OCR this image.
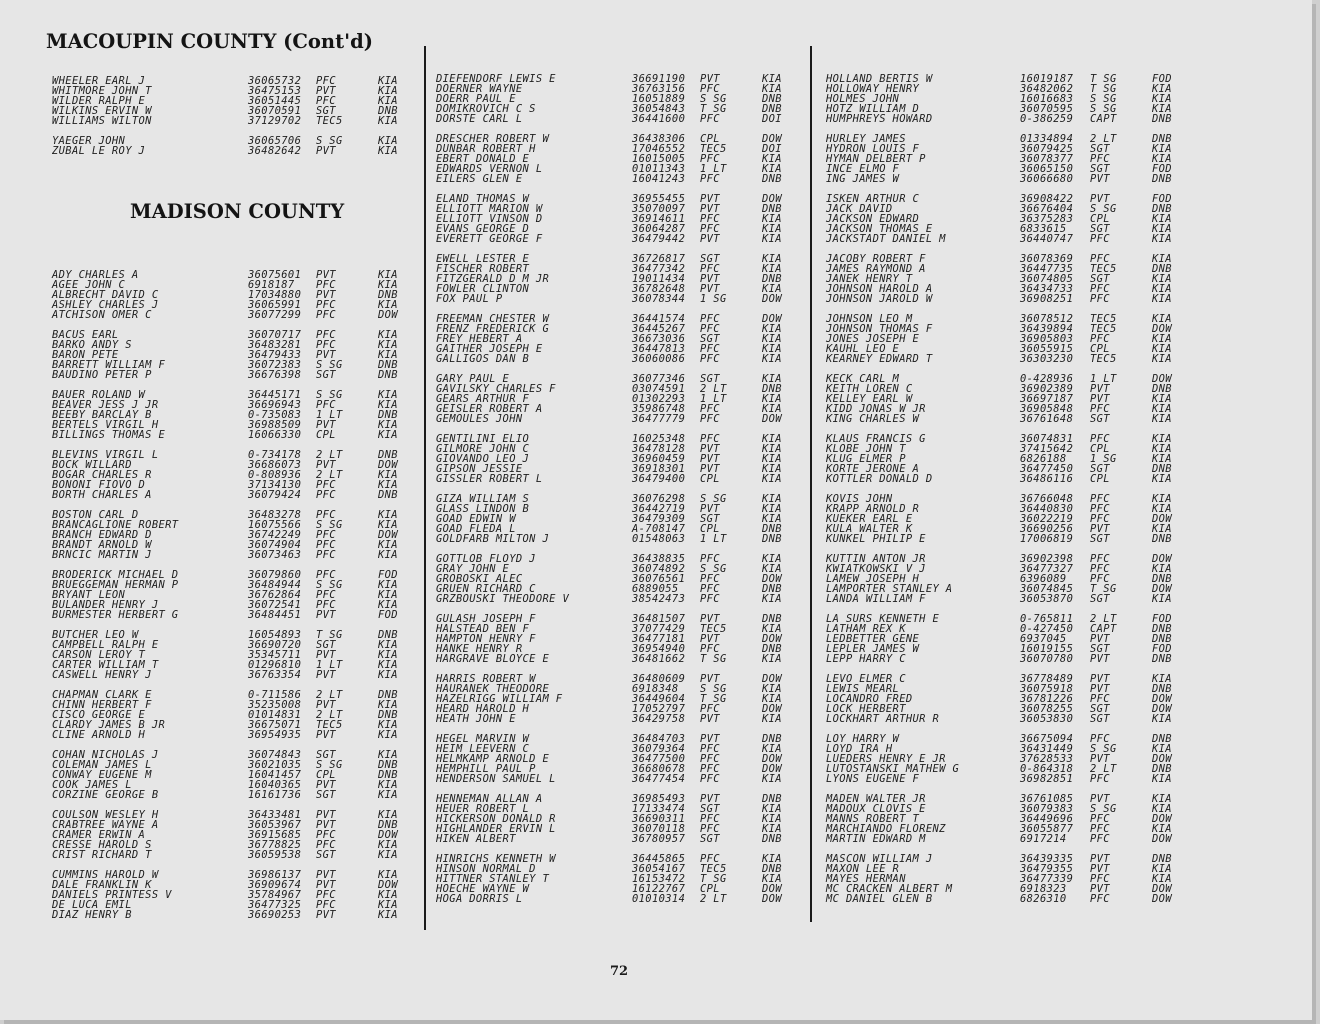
MACOUPIN COUNTY (Cont'd)
MADISON COUNTY
WHEELER EARL J	36065732 PFC	KIA
WHITMORE JOHN T	36475153 PVT	KIA
WILDER RALPH E	36051445 PFC	KIA
WILKINS ERVIN W	36070591 SGT	DNB
WILLIAMS WILTON	37129702 TEC5	KIA
YAEGER JOHN	36065706 S SG	KIA
ZUBAL LE ROY J	36482642 PVT	KIA
ADY CHARLES A	36075601 PVT	KIA
AGEE JOHN C	6918187 PFC	KIA
ALBRECHT DAVID C	17034880 PVT	DNB
ASHLEY CHARLES J	36065991 PFC	KIA
ATCHISON OMER C	36077299 PFC	DOW
BACUS EARL	36070717 PFC	KIA
BARKO ANDY S	36483281 PFC	KIA
BARON PETE	36479433 PVT	KIA
BARRETT WILLIAM F	36072383 S SG	DNB
BAUDINO PETER P	36676398 SGT	DNB
BAUER ROLAND W	36445171 S SG	KIA
BEAVER JESS J JR	36696943 PFC	KIA
BEEBY BARCLAY B	0-735083 1 LT	DNB
BERTELS VIRGIL H	36988509 PVT	KIA
BILLINGS THOMAS E	16066330 CPL	KIA
BLEVINS VIRGIL L	0-734178 2 LT	DNB
BOCK WILLARD	36686073 PVT	DOW
BOGAR CHARLES R	0-808936 2 LT	KIA
BONONI FIOVO D	37134130 PFC	KIA
BORTH CHARLES A	36079424 PFC	DNB
BOSTON CARL D	36483278 PFC	KIA
BRANCAGLIONE ROBERT	16075566 S SG	KIA
BRANCH EDWARD D	36742249 PFC	DOW
BRANDT ARNOLD W	36074904 PFC	KIA
BRNCIC MARTIN J	36073463 PFC	KIA
BRODERICK MICHAEL D	36079860 PFC	FOD
BRUEGGEMAN HERMAN P	36484944 S SG	KIA
BRYANT LEON	36762864 PFC	KIA
BULANDER HENRY J	36072541 PFC	KIA
BURMESTER HERBERT G	36484451 PVT	FOD
BUTCHER LEO W	16054893 T SG	DNB
CAMPBELL RALPH E	36690720 SGT	KIA
CARSON LEROY T	35345711 PVT	KIA
CARTER WILLIAM T	01296810 1 LT	KIA
CASWELL HENRY J	36763354 PVT	KIA
CHAPMAN CLARK E	0-711586 2 LT	DNB
CHINN HERBERT F	35235008 PVT	KIA
CISCO GEORGE E	01014831 2 LT	DNB
CLARDY JAMES B JR	36675071 TEC5	KIA
CLINE ARNOLD H	36954935 PVT	KIA
COHAN NICHOLAS J	36074843 SGT	KIA
COLEMAN JAMES L	36021035 S SG	DNB
CONWAY EUGENE M	16041457 CPL	DNB
COOK JAMES L	16040365 PVT	KIA
CORZINE GEORGE B	16161736 SGT	KIA
COULSON WESLEY H	36433481 PVT	KIA
CRABTREE WAYNE A	36053967 PVT	DNB
CRAMER ERWIN A	36915685 PFC	DOW
CRESSE HAROLD S	36778825 PFC	KIA
CRIST RICHARD T	36059538 SGT	KIA
CUMMINS HAROLD W	36986137 PVT	KIA
DALE FRANKLIN K	36909674 PVT	DOW
DANIELS PRINTESS V	35784967 PFC	KIA
DE LUCA EMIL	36477325 PFC	KIA
DIAZ HENRY B	36690253 PVT	KIA
DIEFENDORF LEWIS E	36691190 PVT	KIA
DOERNER WAYNE	36763156 PFC	KIA
DOERR PAUL E	16051889 S SG	DNB
DOMIKROVICH C S	36054843 T SG	DNB
DORSTE CARL L	36441600 PFC	DOI
DRESCHER ROBERT W	36438306 CPL	DOW
DUNBAR ROBERT H	17046552 TEC5	DOI
EBERT DONALD E	16015005 PFC	KIA
EDWARDS VERNON L	01011343 1 LT	KIA
EILERS GLEN E	16041243 PFC	DNB
ELAND THOMAS W	36955455 PVT	DOW
ELLIOTT MARION W	35070097 PVT	DNB
ELLIOTT VINSON D	36914611 PFC	KIA
EVANS GEORGE D	36064287 PFC	KIA
EVERETT GEORGE F	36479442 PVT	KIA
EWELL LESTER E	36726817 SGT	KIA
FISCHER ROBERT	36477342 PFC	KIA
FITZGERALD D M JR	19011434 PVT	DNB
FOWLER CLINTON	36782648 PVT	KIA
FOX PAUL P	36078344 1 SG	DOW
FREEMAN CHESTER W	36441574 PFC	DOW
FRENZ FREDERICK G	36445267 PFC	KIA
FREY HEBERT A	36673036 SGT	KIA
GAITHER JOSEPH E	36447813 PFC	KIA
GALLIGOS DAN B	36060086 PFC	KIA
GARY PAUL E	36077346 SGT	KIA
GAVILSKY CHARLES F	03074591 2 LT	DNB
GEARS ARTHUR F	01302293 1 LT	KIA
GEISLER ROBERT A	35986748 PFC	KIA
GEMOULES JOHN	36477779 PFC	DOW
GENTILINI ELIO	16025348 PFC	KIA
GILMORE JOHN C	36478128 PVT	KIA
GIOVANDO LEO J	36960459 PVT	KIA
GIPSON JESSIE	36918301 PVT	KIA
GISSLER ROBERT L	36479400 CPL	KIA
GIZA WILLIAM S	36076298 S SG	KIA
GLASS LINDON B	36442719 PVT	KIA
GOAD EDWIN W	36479309 SGT	KIA
GOAD FLEDA L	A-708147 CPL	DNB
GOLDFARB MILTON J	01548063 1 LT	DNB
GOTTLOB FLOYD J	36438835 PFC	KIA
GRAY JOHN E	36074892 S SG	KIA
GROBOSKI ALEC	36076561 PFC	DOW
GRUEN RICHARD C	6889055 PFC	DNB
GRZBOUSKI THEODORE V	38542473 PFC	KIA
GULASH JOSEPH F	36481507 PVT	DNB
HALSTEAD BEN F	37077429 TEC5	KIA
HAMPTON HENRY F	36477181 PVT	DOW
HANKE HENRY R	36954940 PFC	DNB
HARGRAVE BLOYCE E	36481662 T SG	KIA
HARRIS ROBERT W	36480609 PVT	DOW
HAURANEK THEODORE	6918348 S SG	KIA
HAZELRIGG WILLIAM F	36449604 T SG	KIA
HEARD HAROLD H	17052797 PFC	DOW
HEATH JOHN E	36429758 PVT	KIA
HEGEL MARVIN W	36484703 PVT	DNB
HEIM LEEVERN C	36079364 PFC	KIA
HELMKAMP ARNOLD E	36477500 PFC	DOW
HEMPHILL PAUL P	36680678 PFC	DOW
HENDERSON SAMUEL L	36477454 PFC	KIA
HENNEMAN ALLAN A	36985493 PVT	DNB
HEUER ROBERT L	17133474 SGT	KIA
HICKERSON DONALD R	36690311 PFC	KIA
HIGHLANDER ERVIN L	36070118 PFC	KIA
HIKEN ALBERT	36780957 SGT	DNB
HINRICHS KENNETH W	36445865 PFC	KIA
HINSON NORMAL D	36054167 TEC5	DNB
HITTNER STANLEY T	16153472 T SG	KIA
HOECHE WAYNE W	16122767 CPL	DOW
HOGA DORRIS L	01010314 2 LT	DOW
HOLLAND BERTIS W	16019187 T SG	FOD
HOLLOWAY HENRY	36482062 T SG	KIA
HOLMES JOHN	16016683 S SG	KIA
HOTZ WILLIAM D	36070595 S SG	KIA
HUMPHREYS HOWARD	0-386259 CAPT	DNB
HURLEY JAMES	01334894 2 LT	DNB
HYDRON LOUIS F	36079425 SGT	KIA
HYMAN DELBERT P	36078377 PFC	KIA
INCE ELMO F	36065150 SGT	FOD
ING JAMES W	36066680 PVT	DNB
ISKEN ARTHUR C	36908422 PVT	FOD
JACK DAVID	36676404 S SG	DNB
JACKSON EDWARD	36375283 CPL	KIA
JACKSON THOMAS E	6833615 SGT	KIA
JACKSTADT DANIEL M	36440747 PFC	KIA
JACOBY ROBERT F	36078369 PFC	KIA
JAMES RAYMOND A	36447735 TEC5	DNB
JANEK HENRY T	36074805 SGT	KIA
JOHNSON HAROLD A	36434733 PFC	KIA
JOHNSON JAROLD W	36908251 PFC	KIA
JOHNSON LEO M	36078512 TEC5	KIA
JOHNSON THOMAS F	36439894 TEC5	DOW
JONES JOSEPH E	36905803 PFC	KIA
KAUHL LEO E	36055915 CPL	KIA
KEARNEY EDWARD T	36303230 TEC5	KIA
KECK CARL M	0-428936 1 LT	DOW
KEITH LOREN C	36902389 PVT	DNB
KELLEY EARL W	36697187 PVT	KIA
KIDD JONAS W JR	36905848 PFC	KIA
KING CHARLES W	36761648 SGT	KIA
KLAUS FRANCIS G	36074831 PFC	KIA
KLOBE JOHN T	37415642 CPL	KIA
KLUG ELMER P	6826188 1 SG	KIA
KORTE JERONE A	36477450 SGT	DNB
KOTTLER DONALD D	36486116 CPL	KIA
KOVIS JOHN	36766048 PFC	KIA
KRAPP ARNOLD R	36440830 PFC	KIA
KUEKER EARL E	36022219 PFC	DOW
KULA WALTER K	36690256 PVT	KIA
KUNKEL PHILIP E	17006819 SGT	DNB
KUTTIN ANTON JR	36902398 PFC	DOW
KWIATKOWSKI V J	36477327 PFC	KIA
LAMEW JOSEPH H	6396089 PFC	DNB
LAMPORTER STANLEY A	36074845 T SG	DOW
LANDA WILLIAM F	36053870 SGT	KIA
LA SURS KENNETH E	0-765811 2 LT	FOD
LATHAM REX K	0-427450 CAPT	DNB
LEDBETTER GENE	6937045 PVT	DNB
LEPLER JAMES W	16019155 SGT	FOD
LEPP HARRY C	36070780 PVT	DNB
LEVO ELMER C	36778489 PVT	KIA
LEWIS MEARL	36075918 PVT	DNB
LOCANDRO FRED	36781226 PFC	DOW
LOCK HERBERT	36078255 SGT	DOW
LOCKHART ARTHUR R	36053830 SGT	KIA
LOY HARRY W	36675094 PFC	DNB
LOYD IRA H	36431449 S SG	KIA
LUEDERS HENRY E JR	37628533 PVT	DOW
LUTOSTANSKI MATHEW G	0-864318 2 LT	DNB
LYONS EUGENE F	36982851 PFC	KIA
MADEN WALTER JR	36761085 PVT	KIA
MADOUX CLOVIS E	36079383 S SG	KIA
MANNS ROBERT T	36449696 PFC	DOW
MARCHIANDO FLORENZ	36055877 PFC	KIA
MARTIN EDWARD M	6917214 PFC	DOW
MASCON WILLIAM J	36439335 PVT	DNB
MAXON LEE R	36479355 PVT	KIA
MAYES HERMAN	36477339 PFC	KIA
MC CRACKEN ALBERT M	6918323 PVT	DOW
MC DANIEL GLEN B	6826310 PFC	DOW
72
